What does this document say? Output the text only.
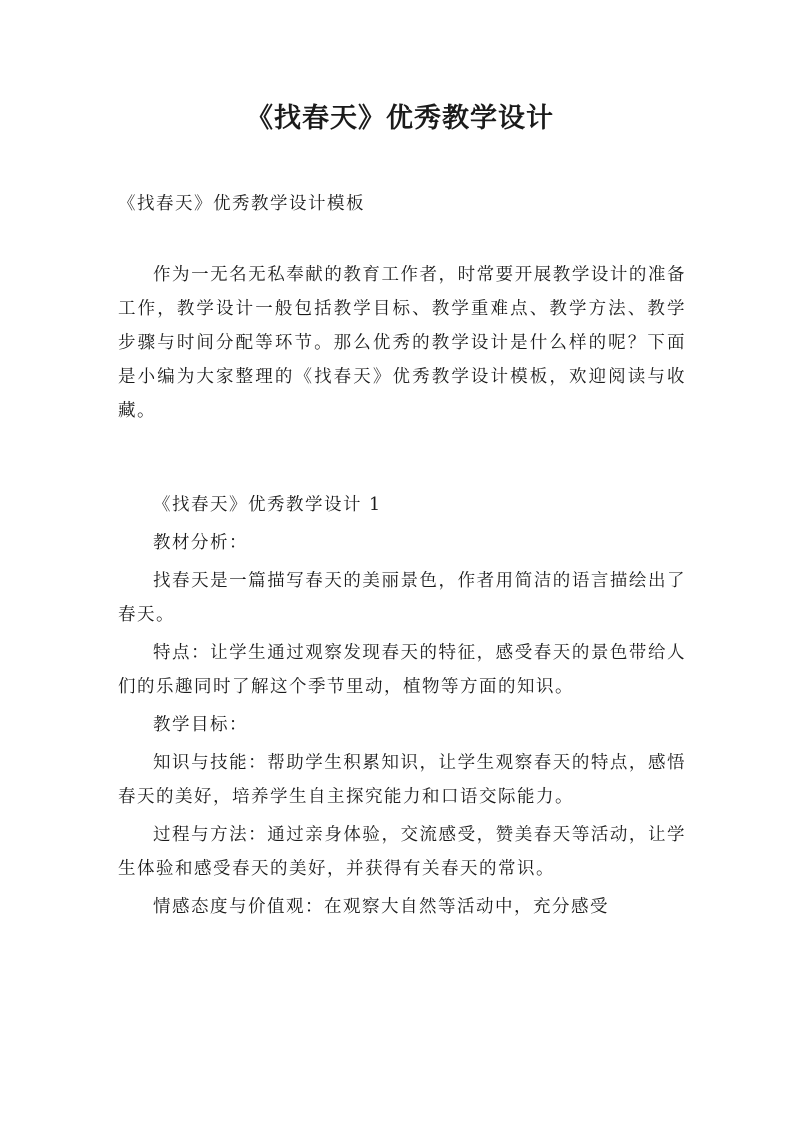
《找春天》优秀教学设计

《找春天》优秀教学设计模板

作为一无名无私奉献的教育工作者，时常要开展教学设计的准备工作，教学设计一般包括教学目标、教学重难点、教学方法、教学步骤与时间分配等环节。那么优秀的教学设计是什么样的呢？下面是小编为大家整理的《找春天》优秀教学设计模板，欢迎阅读与收藏。

《找春天》优秀教学设计 1

教材分析：

找春天是一篇描写春天的美丽景色，作者用简洁的语言描绘出了春天。

特点：让学生通过观察发现春天的特征，感受春天的景色带给人们的乐趣同时了解这个季节里动，植物等方面的知识。

教学目标：

知识与技能：帮助学生积累知识，让学生观察春天的特点，感悟春天的美好，培养学生自主探究能力和口语交际能力。

过程与方法：通过亲身体验，交流感受，赞美春天等活动，让学生体验和感受春天的美好，并获得有关春天的常识。

情感态度与价值观：在观察大自然等活动中，充分感受
